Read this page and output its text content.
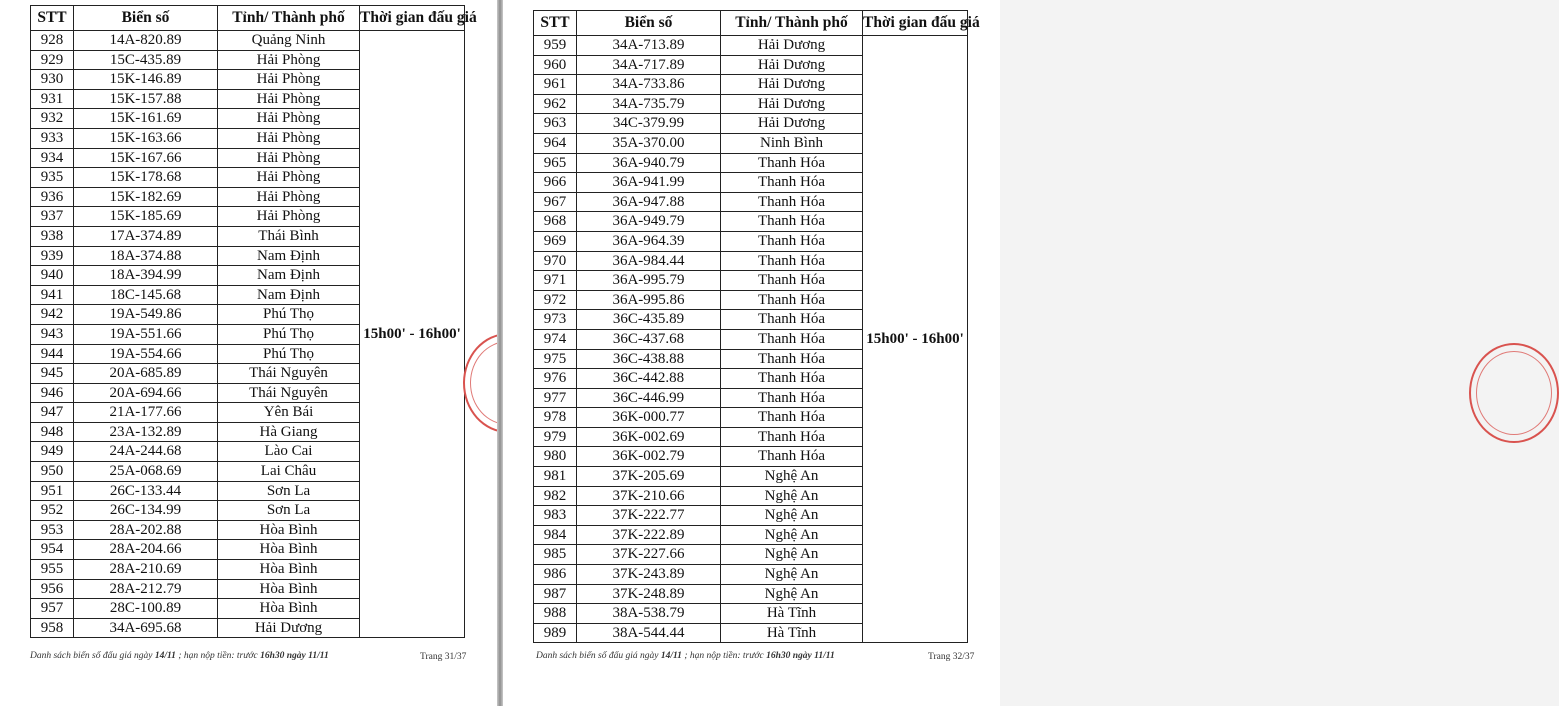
STT	Biển số	Tỉnh/ Thành phố	Thời gian đấu giá
928	14A-820.89	Quảng Ninh	15h00' - 16h00'
929	15C-435.89	Hải Phòng	
930	15K-146.89	Hải Phòng	
931	15K-157.88	Hải Phòng	
932	15K-161.69	Hải Phòng	
933	15K-163.66	Hải Phòng	
934	15K-167.66	Hải Phòng	
935	15K-178.68	Hải Phòng	
936	15K-182.69	Hải Phòng	
937	15K-185.69	Hải Phòng	
938	17A-374.89	Thái Bình	
939	18A-374.88	Nam Định	
940	18A-394.99	Nam Định	
941	18C-145.68	Nam Định	
942	19A-549.86	Phú Thọ	
943	19A-551.66	Phú Thọ	
944	19A-554.66	Phú Thọ	
945	20A-685.89	Thái Nguyên	
946	20A-694.66	Thái Nguyên	
947	21A-177.66	Yên Bái	
948	23A-132.89	Hà Giang	
949	24A-244.68	Lào Cai	
950	25A-068.69	Lai Châu	
951	26C-133.44	Sơn La	
952	26C-134.99	Sơn La	
953	28A-202.88	Hòa Bình	
954	28A-204.66	Hòa Bình	
955	28A-210.69	Hòa Bình	
956	28A-212.79	Hòa Bình	
957	28C-100.89	Hòa Bình	
958	34A-695.68	Hải Dương	
Danh sách biển số đấu giá ngày 14/11 ; hạn nộp tiền: trước 16h30 ngày 11/11	Trang 31/37
STT	Biển số	Tỉnh/ Thành phố	Thời gian đấu giá
959	34A-713.89	Hải Dương	15h00' - 16h00'
960	34A-717.89	Hải Dương	
961	34A-733.86	Hải Dương	
962	34A-735.79	Hải Dương	
963	34C-379.99	Hải Dương	
964	35A-370.00	Ninh Bình	
965	36A-940.79	Thanh Hóa	
966	36A-941.99	Thanh Hóa	
967	36A-947.88	Thanh Hóa	
968	36A-949.79	Thanh Hóa	
969	36A-964.39	Thanh Hóa	
970	36A-984.44	Thanh Hóa	
971	36A-995.79	Thanh Hóa	
972	36A-995.86	Thanh Hóa	
973	36C-435.89	Thanh Hóa	
974	36C-437.68	Thanh Hóa	
975	36C-438.88	Thanh Hóa	
976	36C-442.88	Thanh Hóa	
977	36C-446.99	Thanh Hóa	
978	36K-000.77	Thanh Hóa	
979	36K-002.69	Thanh Hóa	
980	36K-002.79	Thanh Hóa	
981	37K-205.69	Nghệ An	
982	37K-210.66	Nghệ An	
983	37K-222.77	Nghệ An	
984	37K-222.89	Nghệ An	
985	37K-227.66	Nghệ An	
986	37K-243.89	Nghệ An	
987	37K-248.89	Nghệ An	
988	38A-538.79	Hà Tĩnh	
989	38A-544.44	Hà Tĩnh	
Danh sách biển số đấu giá ngày 14/11 ; hạn nộp tiền: trước 16h30 ngày 11/11	Trang 32/37
